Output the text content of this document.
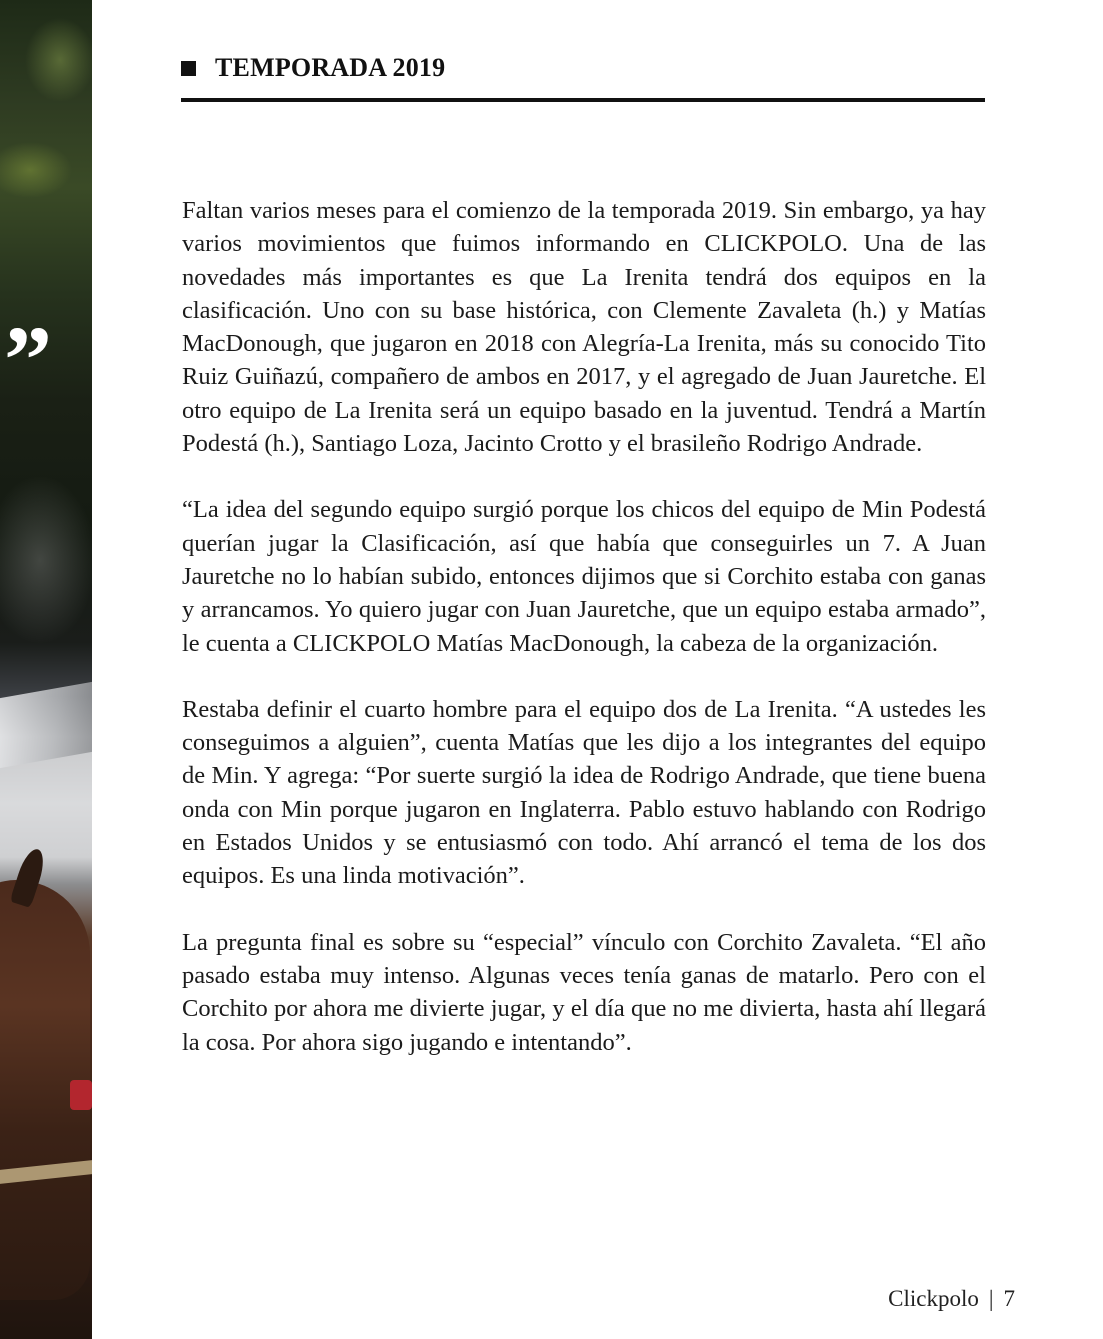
”
TEMPORADA 2019

Faltan varios meses para el comienzo de la temporada 2019. Sin embargo, ya hay varios movimientos que fuimos informando en CLICKPOLO. Una de las novedades más importantes es que La Irenita tendrá dos equipos en la clasificación. Uno con su base histórica, con Clemente Zavaleta (h.) y Matías MacDonough, que jugaron en 2018 con Alegría-La Irenita, más su conocido Tito Ruiz Guiñazú, compañero de ambos en 2017, y el agregado de Juan Jauretche. El otro equipo de La Irenita será un equipo basado en la juventud. Tendrá a Martín Podestá (h.), Santiago Loza, Jacinto Crotto y el brasileño Rodrigo Andrade.

“La idea del segundo equipo surgió porque los chicos del equipo de Min Podestá querían jugar la Clasificación, así que había que conseguirles un 7. A Juan Jauretche no lo habían subido, entonces dijimos que si Corchito estaba con ganas y arrancamos. Yo quiero jugar con Juan Jauretche, que un equipo estaba armado”, le cuenta a CLICKPOLO Matías MacDonough, la cabeza de la organización.

Restaba definir el cuarto hombre para el equipo dos de La Irenita. “A ustedes les conseguimos a alguien”, cuenta Matías que les dijo a los integrantes del equipo de Min. Y agrega: “Por suerte surgió la idea de Rodrigo Andrade, que tiene buena onda con Min porque jugaron en Inglaterra. Pablo estuvo hablando con Rodrigo en Estados Unidos y se entusiasmó con todo. Ahí arrancó el tema de los dos equipos. Es una linda motivación”.

La pregunta final es sobre su “especial” vínculo con Corchito Zavaleta. “El año pasado estaba muy intenso. Algunas veces tenía ganas de matarlo. Pero con el Corchito por ahora me divierte jugar, y el día que no me divierta, hasta ahí llegará la cosa. Por ahora sigo jugando e intentando”.

Clickpolo | 7
